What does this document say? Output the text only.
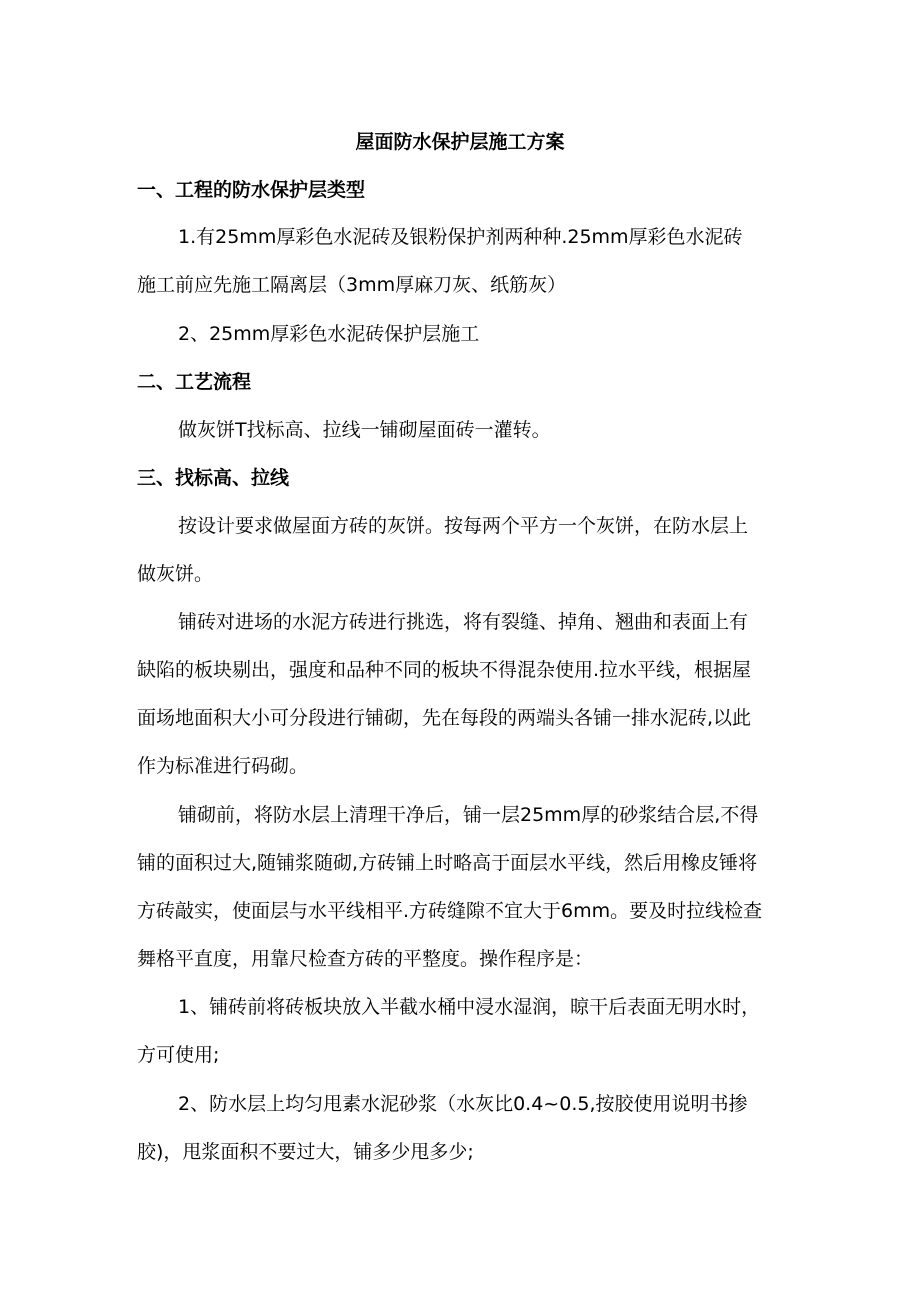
屋面防水保护层施工方案
一、工程的防水保护层类型
1.有25mm厚彩色水泥砖及银粉保护剂两种种.25mm厚彩色水泥砖
施工前应先施工隔离层（3mm厚麻刀灰、纸筋灰）
2、25mm厚彩色水泥砖保护层施工
二、工艺流程
做灰饼T找标高、拉线一铺砌屋面砖一灌转。
三、找标高、拉线
按设计要求做屋面方砖的灰饼。按每两个平方一个灰饼，在防水层上
做灰饼。
铺砖对进场的水泥方砖进行挑选，将有裂缝、掉角、翘曲和表面上有
缺陷的板块剔出，强度和品种不同的板块不得混杂使用.拉水平线，根据屋
面场地面积大小可分段进行铺砌，先在每段的两端头各铺一排水泥砖,以此
作为标准进行码砌。
铺砌前，将防水层上清理干净后，铺一层25mm厚的砂浆结合层,不得
铺的面积过大,随铺浆随砌,方砖铺上时略高于面层水平线，然后用橡皮锤将
方砖敲实，使面层与水平线相平.方砖缝隙不宜大于6mm。要及时拉线检查
舞格平直度，用靠尺检查方砖的平整度。操作程序是：
1、铺砖前将砖板块放入半截水桶中浸水湿润，晾干后表面无明水时，
方可使用;
2、防水层上均匀甩素水泥砂浆（水灰比0.4~0.5,按胶使用说明书掺
胶)，甩浆面积不要过大，铺多少甩多少;
